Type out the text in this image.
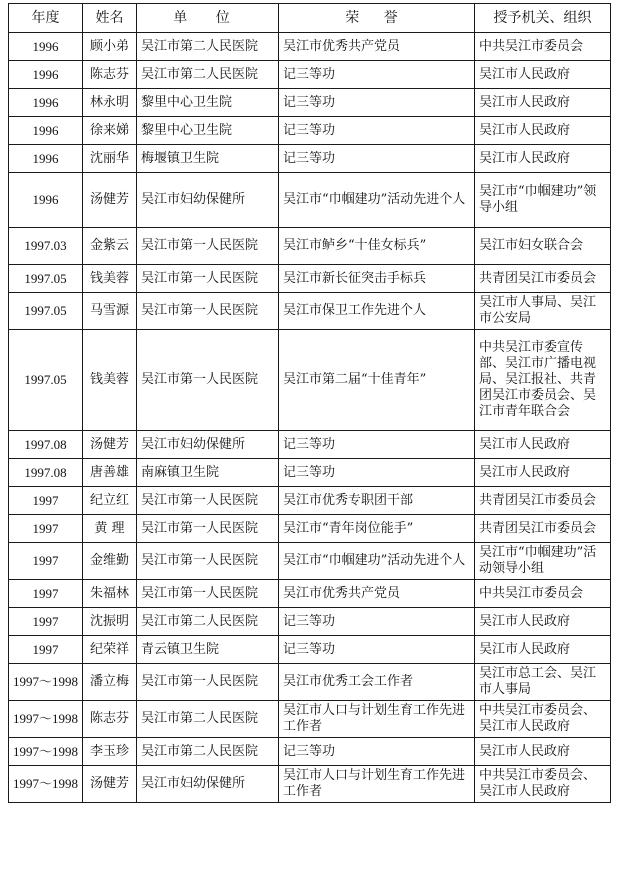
年度	姓名	单 位	荣 誉	授予机关、组织
1996	顾小弟	吴江市第二人民医院	吴江市优秀共产党员	中共吴江市委员会
1996	陈志芬	吴江市第二人民医院	记三等功	吴江市人民政府
1996	林永明	黎里中心卫生院	记三等功	吴江市人民政府
1996	徐来娣	黎里中心卫生院	记三等功	吴江市人民政府
1996	沈丽华	梅堰镇卫生院	记三等功	吴江市人民政府
1996	汤健芳	吴江市妇幼保健所	吴江市“巾帼建功”活动先进个人	吴江市“巾帼建功”领导小组
1997.03	金紫云	吴江市第一人民医院	吴江市鲈乡“十佳女标兵”	吴江市妇女联合会
1997.05	钱美蓉	吴江市第一人民医院	吴江市新长征突击手标兵	共青团吴江市委员会
1997.05	马雪源	吴江市第一人民医院	吴江市保卫工作先进个人	吴江市人事局、吴江市公安局
1997.05	钱美蓉	吴江市第一人民医院	吴江市第二届“十佳青年”	中共吴江市委宣传部、吴江市广播电视局、吴江报社、共青团吴江市委员会、吴江市青年联合会
1997.08	汤健芳	吴江市妇幼保健所	记三等功	吴江市人民政府
1997.08	唐善雄	南麻镇卫生院	记三等功	吴江市人民政府
1997	纪立红	吴江市第一人民医院	吴江市优秀专职团干部	共青团吴江市委员会
1997	黄 理	吴江市第一人民医院	吴江市“青年岗位能手”	共青团吴江市委员会
1997	金维勤	吴江市第一人民医院	吴江市“巾帼建功”活动先进个人	吴江市“巾帼建功”活动领导小组
1997	朱福林	吴江市第一人民医院	吴江市优秀共产党员	中共吴江市委员会
1997	沈振明	吴江市第二人民医院	记三等功	吴江市人民政府
1997	纪荣祥	青云镇卫生院	记三等功	吴江市人民政府
1997～1998	潘立梅	吴江市第一人民医院	吴江市优秀工会工作者	吴江市总工会、吴江市人事局
1997～1998	陈志芬	吴江市第二人民医院	吴江市人口与计划生育工作先进工作者	中共吴江市委员会、吴江市人民政府
1997～1998	李玉珍	吴江市第二人民医院	记三等功	吴江市人民政府
1997～1998	汤健芳	吴江市妇幼保健所	吴江市人口与计划生育工作先进工作者	中共吴江市委员会、吴江市人民政府
